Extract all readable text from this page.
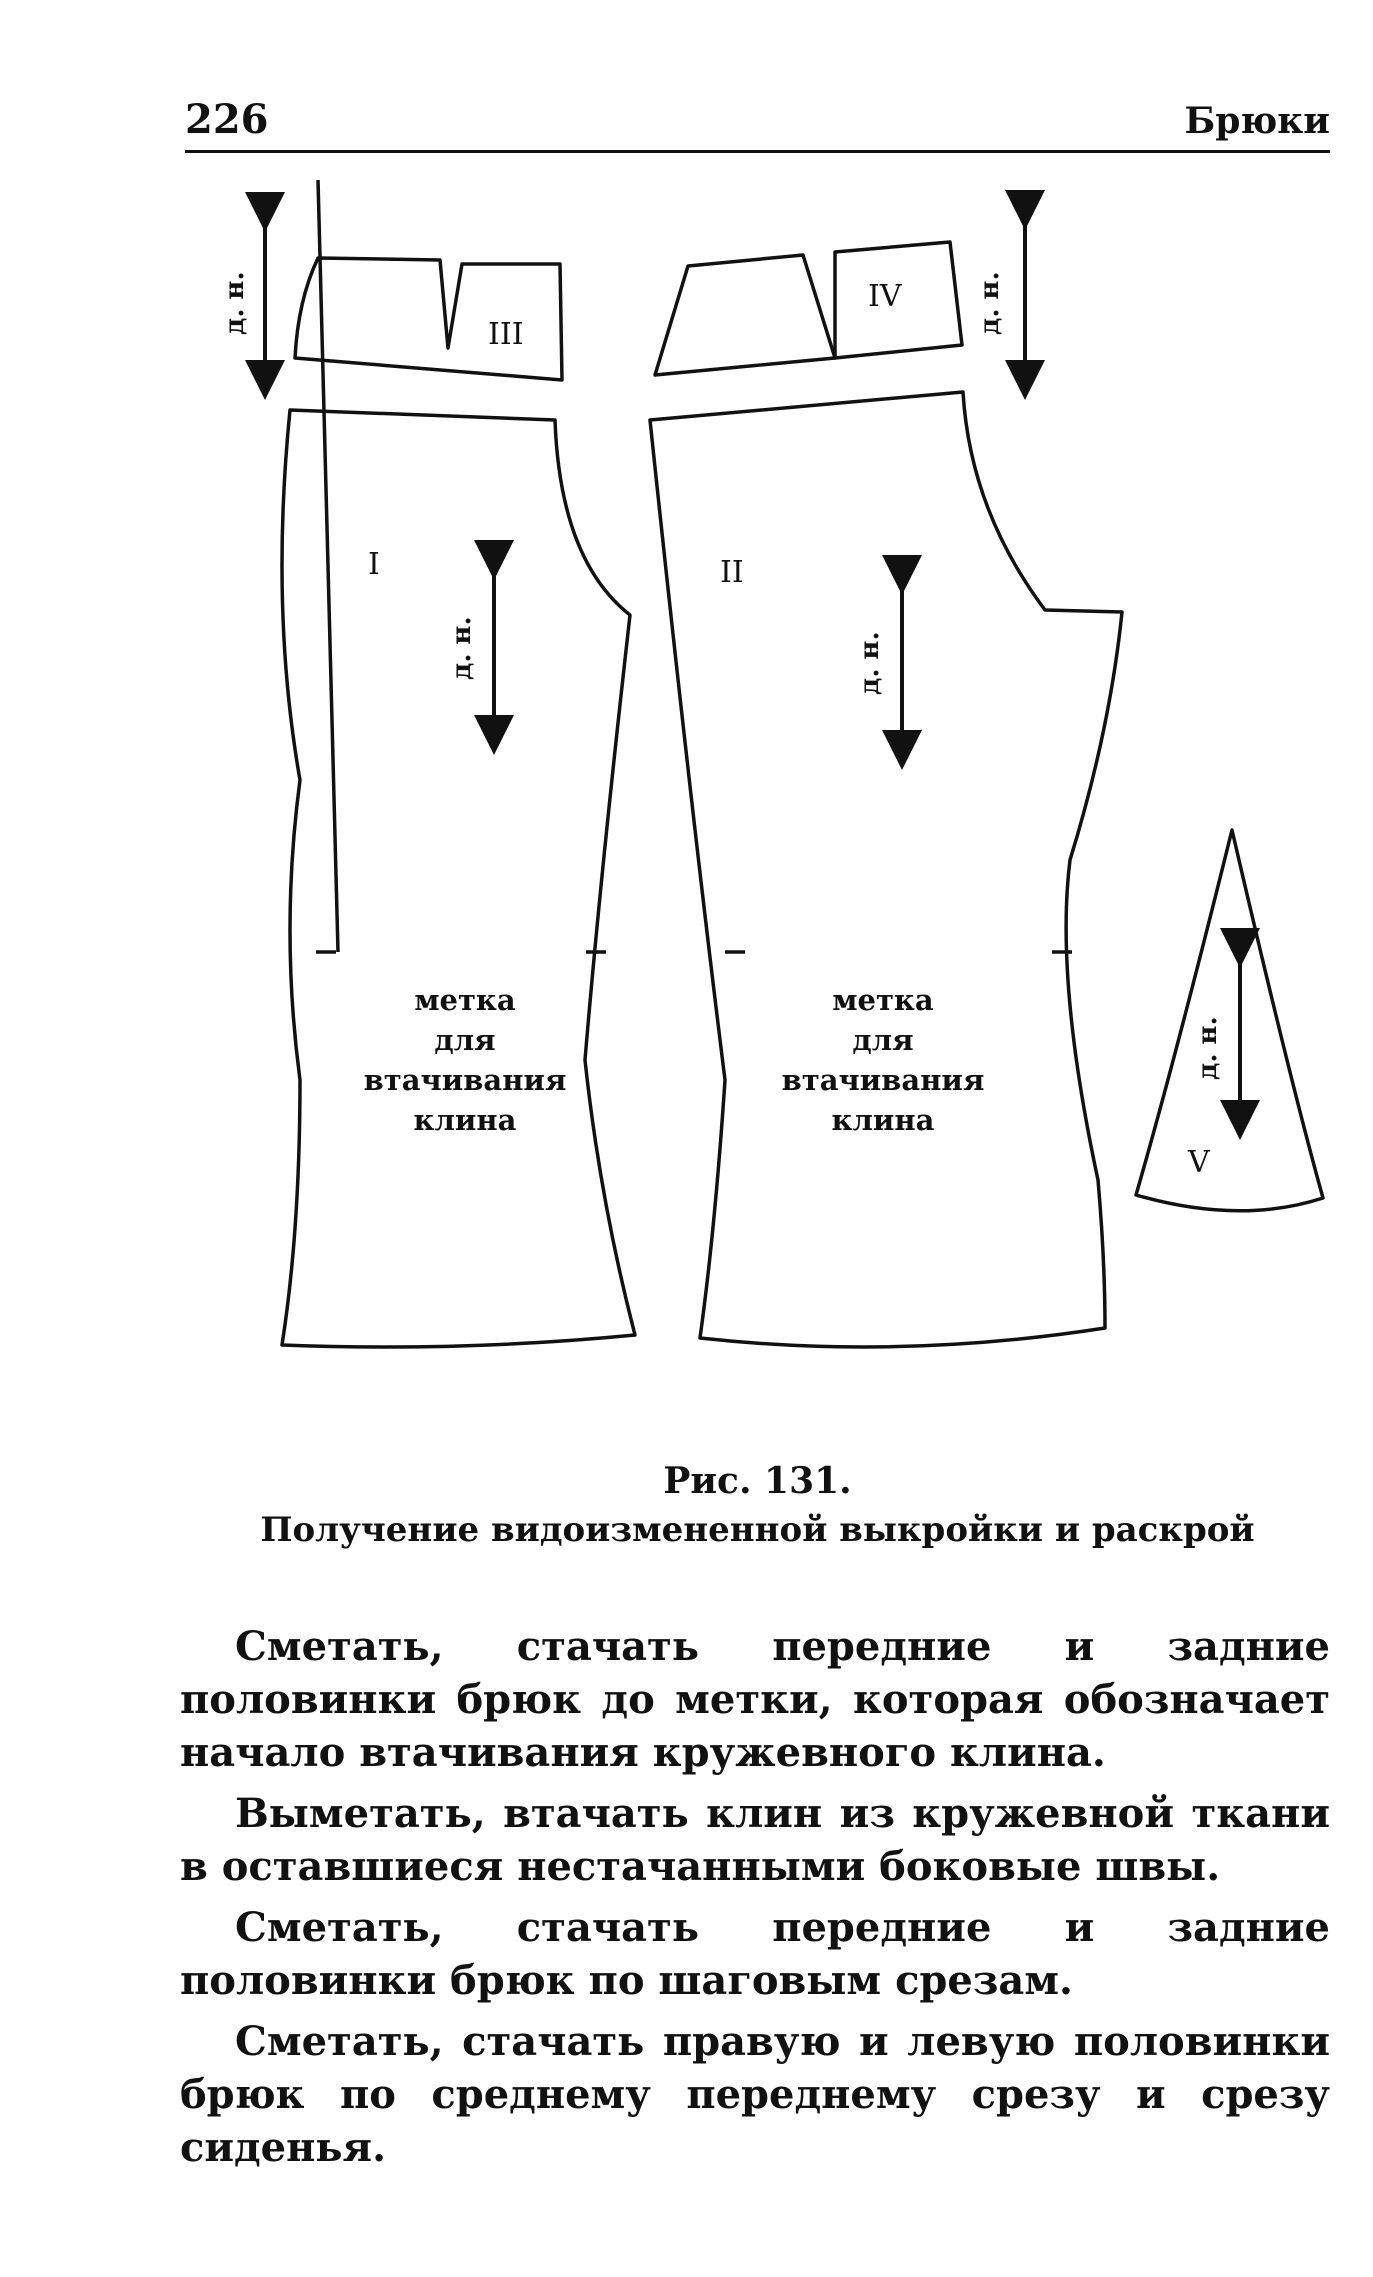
226	Брюки
III
IV
I	II
V
д. н.	д. н.
д. н.	д. н.
д. н.
метка
для
втачивания
клина
метка
для
втачивания
клина
Рис. 131.
Получение видоизмененной выкройки и раскрой

Сметать, стачать передние и задние половинки брюк до метки, которая обозначает начало втачивания кружевного клина.

Выметать, втачать клин из кружевной ткани в оставшиеся нестачанными боковые швы.

Сметать, стачать передние и задние половинки брюк по шаговым срезам.

Сметать, стачать правую и левую половинки брюк по среднему переднему срезу и срезу сиденья.
